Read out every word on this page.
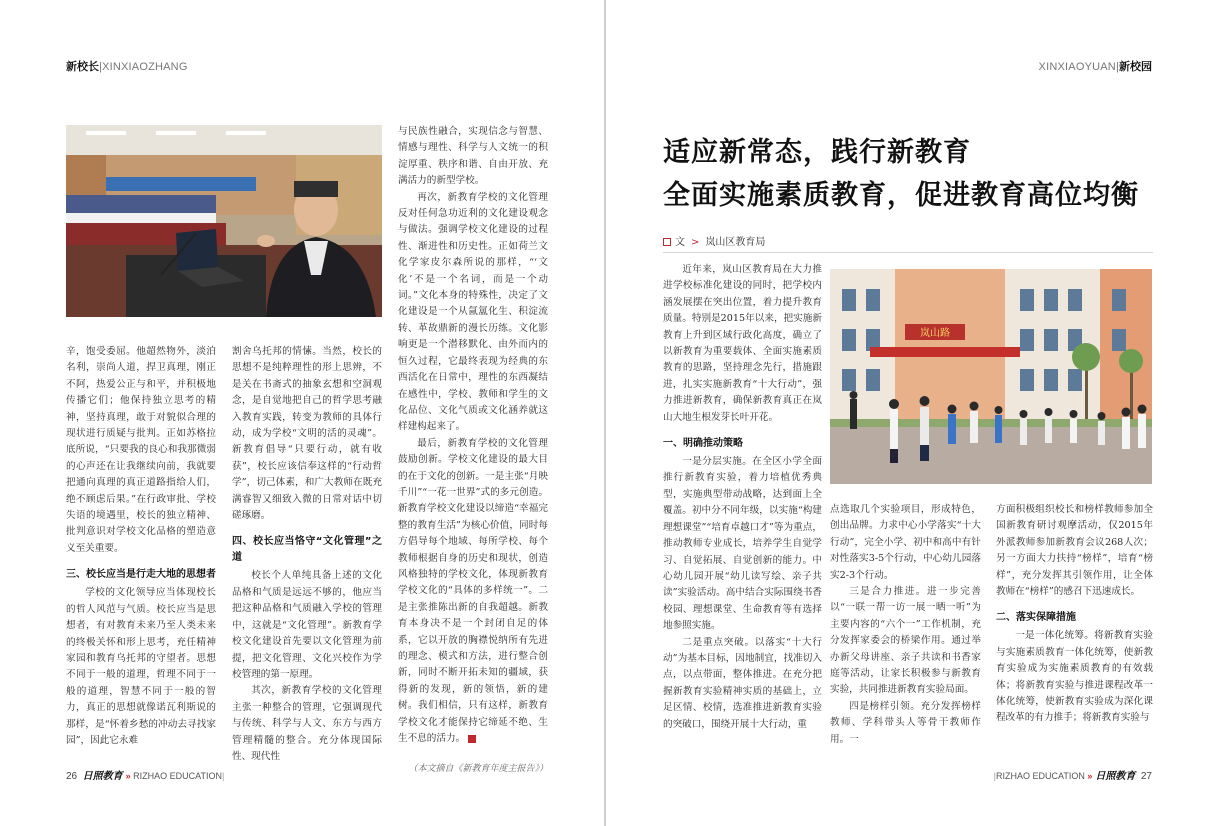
新校长|XINXIAOZHANG

辛，饱受委屈。他超然物外，淡泊名利，崇尚人道，捍卫真理，刚正不阿，热爱公正与和平，并积极地传播它们；他保持独立思考的精神，坚持真理，敢于对貌似合理的现状进行质疑与批判。正如苏格拉底所说，“只要我的良心和我那微弱的心声还在让我继续向前，我就要把通向真理的真正道路指给人们，绝不顾虑后果。”在行政审批、学校失语的境遇里，校长的独立精神、批判意识对学校文化品格的塑造意义至关重要。

三、校长应当是行走大地的思想者

学校的文化领导应当体现校长的哲人风范与气质。校长应当是思想者，有对教育未来乃至人类未来的终极关怀和形上思考，充任精神家园和教育乌托邦的守望者。思想不同于一般的道理，哲理不同于一般的道理，智慧不同于一般的智力，真正的思想就像诺瓦利斯说的那样，是“怀着乡愁的冲动去寻找家园”，因此它永难

割舍乌托邦的情愫。当然，校长的思想不是纯粹理性的形上思辨，不是关在书斋式的抽象玄想和空洞观念，是自觉地把自己的哲学思考融入教育实践，转变为教师的具体行动，成为学校“文明的活的灵魂”。新教育倡导“只要行动，就有收获”，校长应该信奉这样的“行动哲学”，切己体素，和广大教师在既充满睿智又细致入微的日常对话中切磋琢磨。

四、校长应当恪守“文化管理”之道

校长个人单纯具备上述的文化品格和气质是远远不够的，他应当把这种品格和气质融入学校的管理中，这就是“文化管理”。新教育学校文化建设首先要以文化管理为前提，把文化管理、文化兴校作为学校管理的第一原理。

其次，新教育学校的文化管理主张一种整合的管理，它强调现代与传统、科学与人文、东方与西方管理精髓的整合。充分体现国际性、现代性

与民族性融合，实现信念与智慧、情感与理性、科学与人文统一的积淀厚重、秩序和谐、自由开放、充满活力的新型学校。

再次，新教育学校的文化管理反对任何急功近利的文化建设观念与做法。强调学校文化建设的过程性、渐进性和历史性。正如荷兰文化学家皮尔森所说的那样，“‘文化’不是一个名词，而是一个动词。”文化本身的特殊性，决定了文化建设是一个从氤氲化生、积淀流转、革故鼎新的漫长历练。文化影响更是一个潜移默化、由外而内的恒久过程，它最终表现为经典的东西活化在日常中，理性的东西凝结在感性中，学校、教师和学生的文化品位、文化气质或文化涵养就这样建构起来了。

最后，新教育学校的文化管理鼓励创新。学校文化建设的最大目的在于文化的创新。一是主张“月映千川”“一花一世界”式的多元创造。新教育学校文化建设以缔造“幸福完整的教育生活”为核心价值，同时每方倡导每个地域、每所学校、每个教师根据自身的历史和现状，创造风格独特的学校文化，体现新教育学校文化的“具体的多样统一”。二是主张推陈出新的自我超越。新教育本身决不是一个封闭自足的体系，它以开放的胸襟悦纳所有先进的理念、模式和方法，进行整合创新，同时不断开拓未知的疆域，获得新的发现，新的领悟，新的建树。我们相信，只有这样，新教育学校文化才能保持它缔延不绝、生生不息的活力。

（本文摘自《新教育年度主报告》）
26 日照教育 » RIZHAO EDUCATION|
XINXIAOYUAN|新校园
适应新常态，践行新教育
全面实施素质教育，促进教育高位均衡
文 > 岚山区教育局

近年来，岚山区教育局在大力推进学校标准化建设的同时，把学校内涵发展摆在突出位置，着力提升教育质量。特别是2015年以来，把实施新教育上升到区域行政化高度，确立了以新教育为重要载体、全面实施素质教育的思路，坚持理念先行，措施跟进，扎实实施新教育“十大行动”，强力推进新教育，确保新教育真正在岚山大地生根发芽长叶开花。

一、明确推动策略

一是分层实施。在全区小学全面推行新教育实验，着力培植优秀典型，实施典型带动战略，达到面上全覆盖。初中分不同年级，以实施“构建理想课堂”“培育卓越口才”等为重点，推动教师专业成长，培养学生自觉学习、自觉拓展、自觉创新的能力。中心幼儿园开展“幼儿读写绘、亲子共读”实验活动。高中结合实际围绕书香校园、理想课堂、生命教育等有选择地参照实施。

二是重点突破。以落实“十大行动”为基本目标，因地制宜，找准切入点，以点带面，整体推进。在充分把握新教育实验精神实质的基础上，立足区情、校情，选准推进新教育实验的突破口，围绕开展十大行动，重

岚山路

点选取几个实验项目，形成特色，创出品牌。力求中心小学落实“十大行动”，完全小学、初中和高中有针对性落实3-5个行动，中心幼儿园落实2-3个行动。

三是合力推进。进一步完善以“一联一帮一访一展一晒一听”为主要内容的“六个一”工作机制，充分发挥家委会的桥梁作用。通过举办新父母讲座、亲子共读和书香家庭等活动，让家长积极参与新教育实验，共同推进新教育实验局面。

四是榜样引领。充分发挥榜样教师、学科带头人等骨干教师作用。一

方面积极组织校长和榜样教师参加全国新教育研讨观摩活动，仅2015年外派教师参加新教育会议268人次；另一方面大力扶持“榜样”，培育“榜样”，充分发挥其引领作用，让全体教师在“榜样”的感召下迅速成长。

二、落实保障措施

一是一体化统筹。将新教育实验与实施素质教育一体化统筹，使新教育实验成为实施素质教育的有效载体；将新教育实验与推进课程改革一体化统筹，使新教育实验成为深化课程改革的有力推手；将新教育实验与

|RIZHAO EDUCATION » 日照教育 27
